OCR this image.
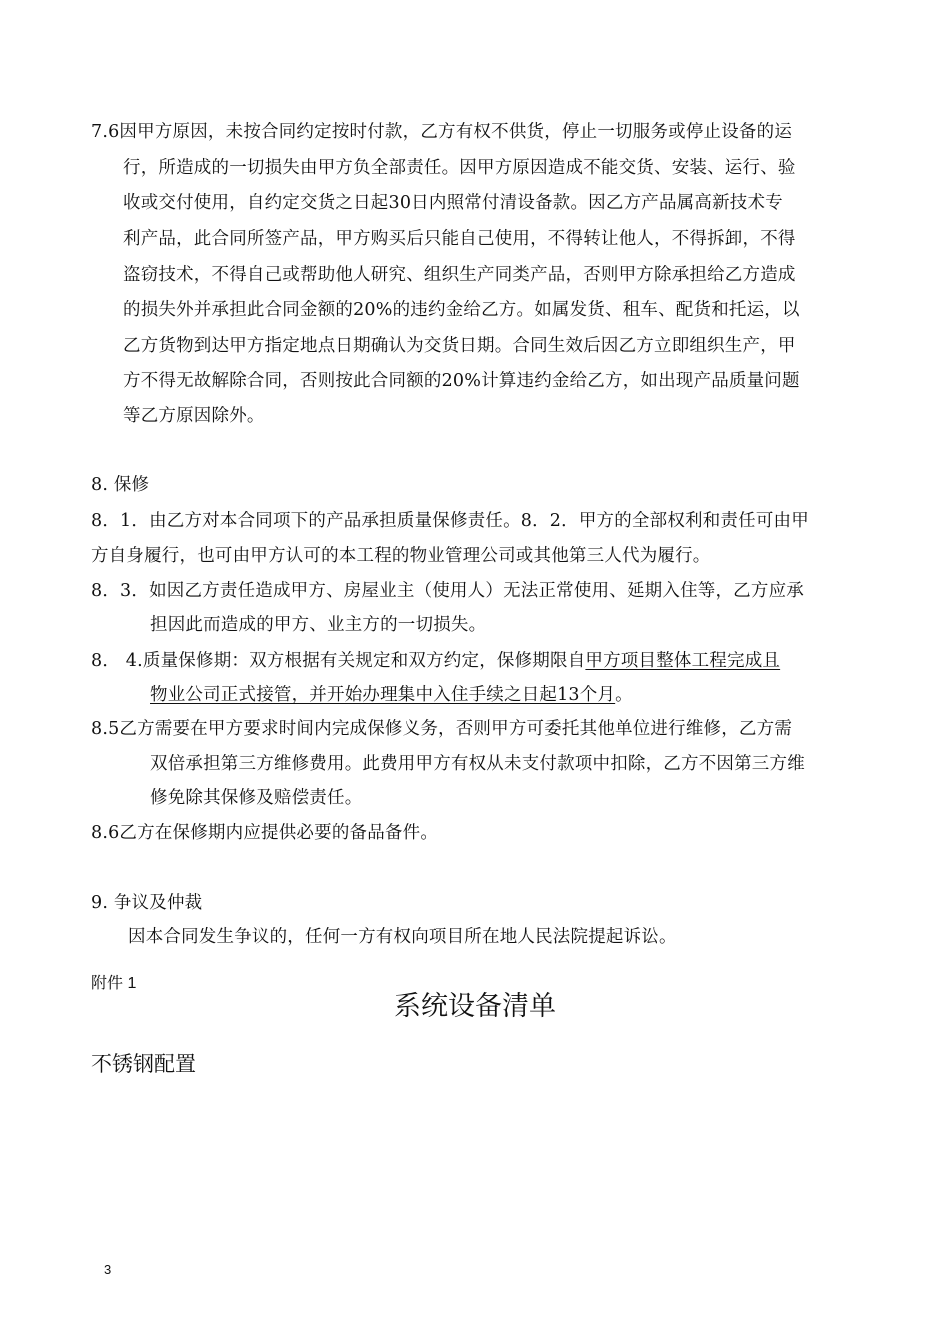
7.6因甲方原因，未按合同约定按时付款，乙方有权不供货，停止一切服务或停止设备的运
行，所造成的一切损失由甲方负全部责任。因甲方原因造成不能交货、安装、运行、验
收或交付使用，自约定交货之日起30日内照常付清设备款。因乙方产品属高新技术专
利产品，此合同所签产品，甲方购买后只能自己使用，不得转让他人，不得拆卸，不得
盗窃技术，不得自己或帮助他人研究、组织生产同类产品，否则甲方除承担给乙方造成
的损失外并承担此合同金额的20%的违约金给乙方。如属发货、租车、配货和托运，以
乙方货物到达甲方指定地点日期确认为交货日期。合同生效后因乙方立即组织生产，甲
方不得无故解除合同，否则按此合同额的20%计算违约金给乙方，如出现产品质量问题
等乙方原因除外。
8. 保修
8．1．由乙方对本合同项下的产品承担质量保修责任。8．2．甲方的全部权利和责任可由甲
方自身履行，也可由甲方认可的本工程的物业管理公司或其他第三人代为履行。
8．3．如因乙方责任造成甲方、房屋业主（使用人）无法正常使用、延期入住等，乙方应承
担因此而造成的甲方、业主方的一切损失。
8． 4.质量保修期：双方根据有关规定和双方约定，保修期限自甲方项目整体工程完成且
物业公司正式接管，并开始办理集中入住手续之日起13个月。
8.5乙方需要在甲方要求时间内完成保修义务，否则甲方可委托其他单位进行维修，乙方需
双倍承担第三方维修费用。此费用甲方有权从未支付款项中扣除，乙方不因第三方维
修免除其保修及赔偿责任。
8.6乙方在保修期内应提供必要的备品备件。
9. 争议及仲裁
因本合同发生争议的，任何一方有权向项目所在地人民法院提起诉讼。
附件 1
系统设备清单
不锈钢配置
3
